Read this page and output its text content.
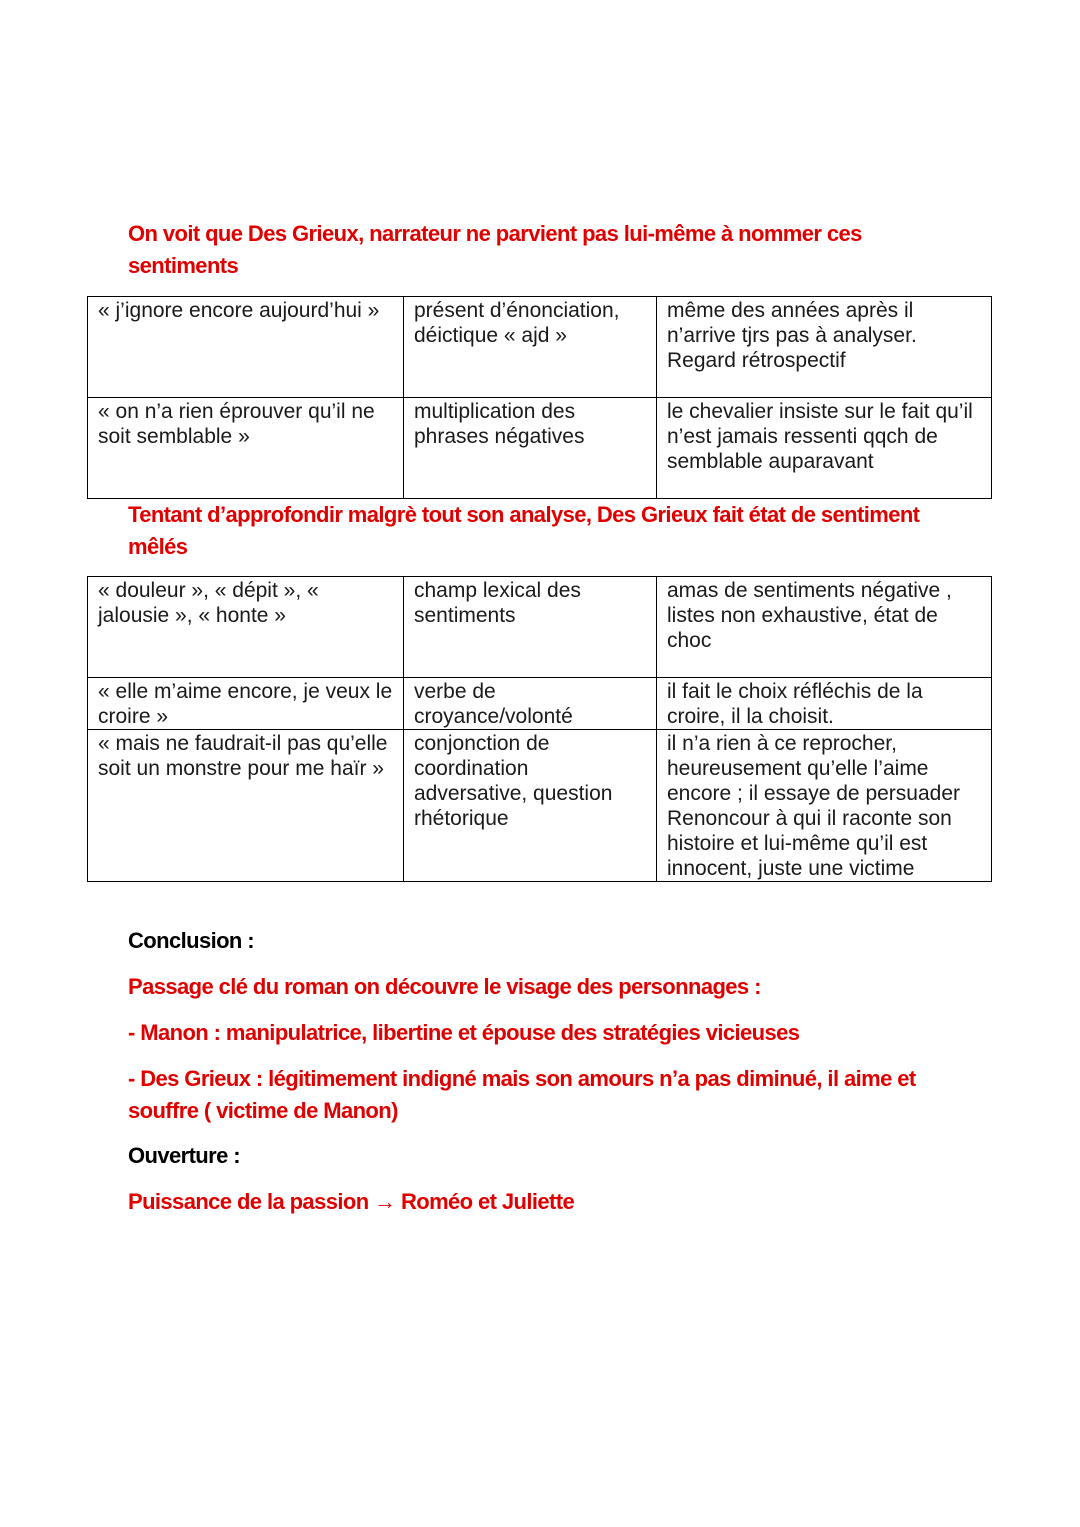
On voit que Des Grieux, narrateur ne parvient pas lui-même à nommer ces sentiments

« j’ignore encore aujourd’hui »	présent d’énonciation, déictique « ajd »	même des années après il n’arrive tjrs pas à analyser. Regard rétrospectif
« on n’a rien éprouver qu’il ne soit semblable »	multiplication des phrases négatives	le chevalier insiste sur le fait qu’il n’est jamais ressenti qqch de semblable auparavant

Tentant d’approfondir malgrè tout son analyse, Des Grieux fait état de sentiment mêlés

« douleur », « dépit », « jalousie », « honte »	champ lexical des sentiments	amas de sentiments négative , listes non exhaustive, état de choc
« elle m’aime encore, je veux le croire »	verbe de croyance/volonté	il fait le choix réfléchis de la croire, il la choisit.
« mais ne faudrait-il pas qu’elle soit un monstre pour me haïr »	conjonction de coordination adversative, question rhétorique	il n’a rien à ce reprocher, heureusement qu’elle l’aime encore ; il essaye de persuader Renoncour à qui il raconte son histoire et lui-même qu’il est innocent, juste une victime

Conclusion :

Passage clé du roman on découvre le visage des personnages :

- Manon : manipulatrice, libertine et épouse des stratégies vicieuses

- Des Grieux : légitimement indigné mais son amours n’a pas diminué, il aime et souffre ( victime de Manon)

Ouverture :

Puissance de la passion → Roméo et Juliette
